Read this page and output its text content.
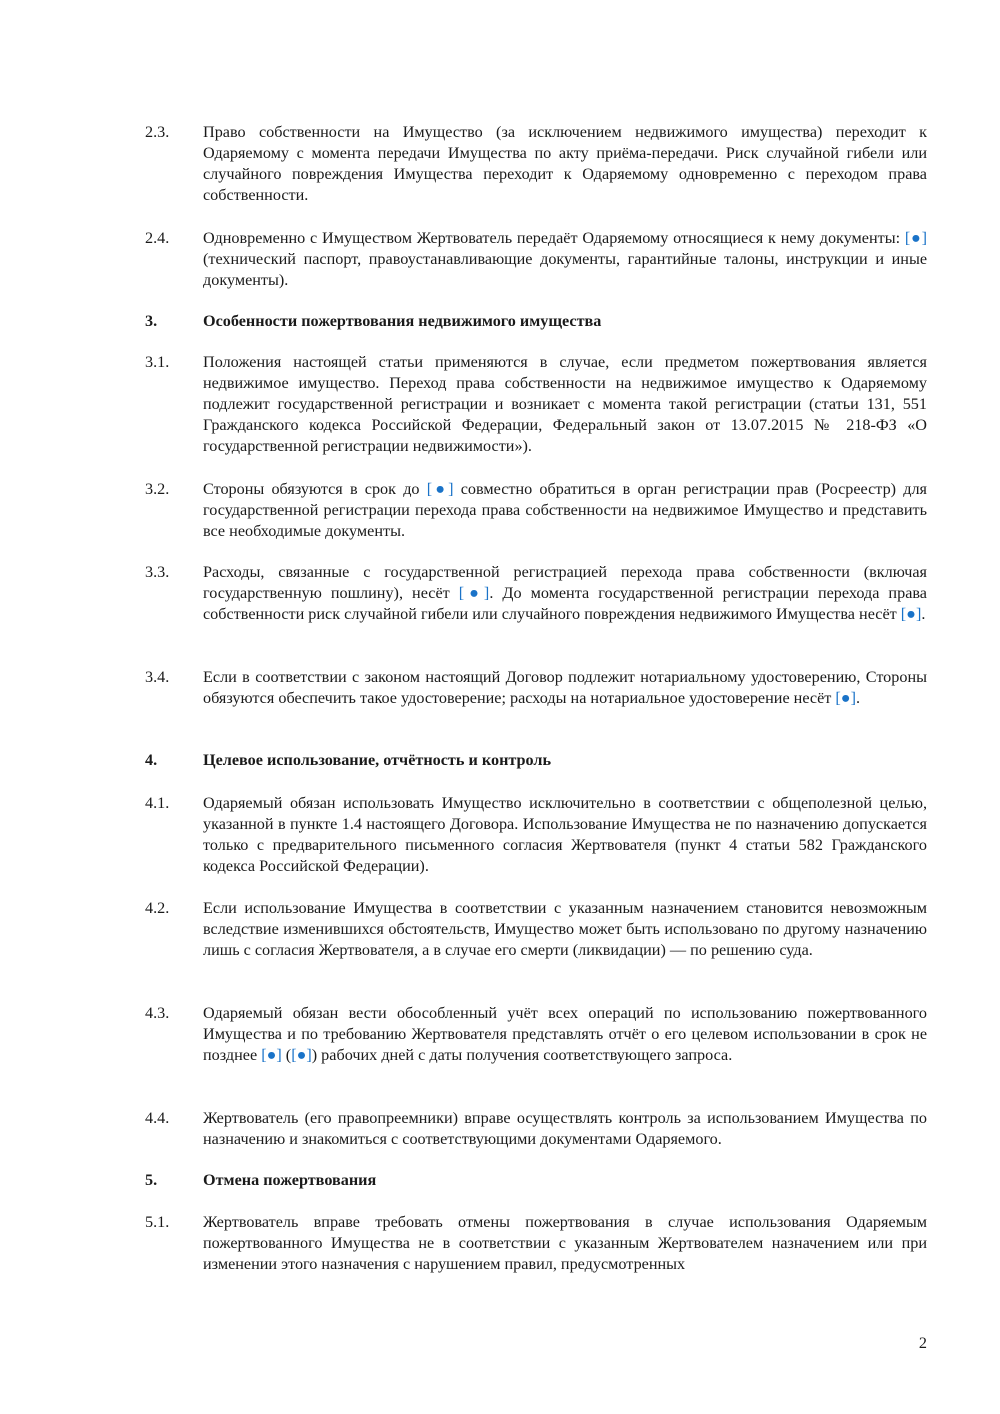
2.3. Право собственности на Имущество (за исключением недвижимого имущества) переходит к Одаряемому с момента передачи Имущества по акту приёма-передачи. Риск случайной гибели или случайного повреждения Имущества переходит к Одаряемому одновременно с переходом права собственности.
2.4. Одновременно с Имуществом Жертвователь передаёт Одаряемому относящиеся к нему документы: [●] (технический паспорт, правоустанавливающие документы, гарантийные талоны, инструкции и иные документы).
3.	Особенности пожертвования недвижимого имущества
3.1. Положения настоящей статьи применяются в случае, если предметом пожертвования является недвижимое имущество. Переход права собственности на недвижимое имущество к Одаряемому подлежит государственной регистрации и возникает с момента такой регистрации (статьи 131, 551 Гражданского кодекса Российской Федерации, Федеральный закон от 13.07.2015 № 218-ФЗ «О государственной регистрации недвижимости»).
3.2. Стороны обязуются в срок до [●] совместно обратиться в орган регистрации прав (Росреестр) для государственной регистрации перехода права собственности на недвижимое Имущество и представить все необходимые документы.
3.3. Расходы, связанные с государственной регистрацией перехода права собственности (включая государственную пошлину), несёт [●]. До момента государственной регистрации перехода права собственности риск случайной гибели или случайного повреждения недвижимого Имущества несёт [●].
3.4. Если в соответствии с законом настоящий Договор подлежит нотариальному удостоверению, Стороны обязуются обеспечить такое удостоверение; расходы на нотариальное удостоверение несёт [●].
4.	Целевое использование, отчётность и контроль
4.1. Одаряемый обязан использовать Имущество исключительно в соответствии с общеполезной целью, указанной в пункте 1.4 настоящего Договора. Использование Имущества не по назначению допускается только с предварительного письменного согласия Жертвователя (пункт 4 статьи 582 Гражданского кодекса Российской Федерации).
4.2. Если использование Имущества в соответствии с указанным назначением становится невозможным вследствие изменившихся обстоятельств, Имущество может быть использовано по другому назначению лишь с согласия Жертвователя, а в случае его смерти (ликвидации) — по решению суда.
4.3. Одаряемый обязан вести обособленный учёт всех операций по использованию пожертвованного Имущества и по требованию Жертвователя представлять отчёт о его целевом использовании в срок не позднее [●] ([●]) рабочих дней с даты получения соответствующего запроса.
4.4. Жертвователь (его правопреемники) вправе осуществлять контроль за использованием Имущества по назначению и знакомиться с соответствующими документами Одаряемого.
5.	Отмена пожертвования
5.1. Жертвователь вправе требовать отмены пожертвования в случае использования Одаряемым пожертвованного Имущества не в соответствии с указанным Жертвователем назначением или при изменении этого назначения с нарушением правил, предусмотренных
2
